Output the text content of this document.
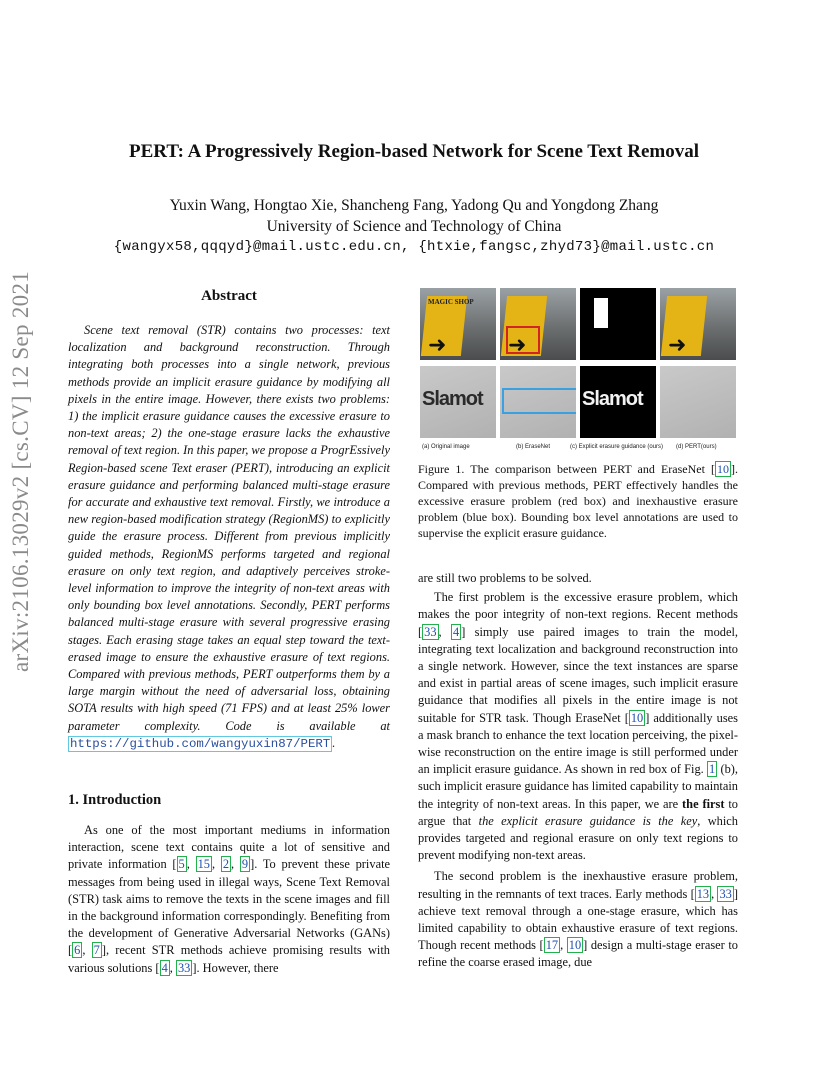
arXiv:2106.13029v2 [cs.CV] 12 Sep 2021
PERT: A Progressively Region-based Network for Scene Text Removal
Yuxin Wang, Hongtao Xie, Shancheng Fang, Yadong Qu and Yongdong Zhang
University of Science and Technology of China
{wangyx58,qqqyd}@mail.ustc.edu.cn, {htxie,fangsc,zhyd73}@mail.ustc.cn
Abstract

Scene text removal (STR) contains two processes: text localization and background reconstruction. Through integrating both processes into a single network, previous methods provide an implicit erasure guidance by modifying all pixels in the entire image. However, there exists two problems: 1) the implicit erasure guidance causes the excessive erasure to non-text areas; 2) the one-stage erasure lacks the exhaustive removal of text region. In this paper, we propose a ProgrEssively Region-based scene Text eraser (PERT), introducing an explicit erasure guidance and performing balanced multi-stage erasure for accurate and exhaustive text removal. Firstly, we introduce a new region-based modification strategy (RegionMS) to explicitly guide the erasure process. Different from previous implicitly guided methods, RegionMS performs targeted and regional erasure on only text region, and adaptively perceives stroke-level information to improve the integrity of non-text areas with only bounding box level annotations. Secondly, PERT performs balanced multi-stage erasure with several progressive erasing stages. Each erasing stage takes an equal step toward the text-erased image to ensure the exhaustive erasure of text regions. Compared with previous methods, PERT outperforms them by a large margin without the need of adversarial loss, obtaining SOTA results with high speed (71 FPS) and at least 25% lower parameter complexity. Code is available at https://github.com/wangyuxin87/PERT .

1. Introduction

As one of the most important mediums in information interaction, scene text contains quite a lot of sensitive and private information [ 5 , 15 , 2 , 9 ]. To prevent these private messages from being used in illegal ways, Scene Text Removal (STR) task aims to remove the texts in the scene images and fill in the background information correspondingly. Benefiting from the development of Generative Adversarial Networks (GANs) [ 6 , 7 ], recent STR methods achieve promising results with various solutions [ 4 , 33 ]. However, there

MAGIC SHOP
➜	➜	➜
Slamot	Slamot
(a) Original image	(b) EraseNet	(c) Explicit erasure guidance (ours) (d) PERT(ours)
Figure 1. The comparison between PERT and EraseNet [ 10 ]. Compared with previous methods, PERT effectively handles the excessive erasure problem (red box) and inexhaustive erasure problem (blue box). Bounding box level annotations are used to supervise the explicit erasure guidance.
are still two problems to be solved.

The first problem is the excessive erasure problem, which makes the poor integrity of non-text regions. Recent methods [ 33 , 4 ] simply use paired images to train the model, integrating text localization and background reconstruction into a single network. However, since the text instances are sparse and exist in partial areas of scene images, such implicit erasure guidance that modifies all pixels in the entire image is not suitable for STR task. Though EraseNet [ 10 ] additionally uses a mask branch to enhance the text location perceiving, the pixel-wise reconstruction on the entire image is still performed under an implicit erasure guidance. As shown in red box of Fig. 1 (b), such implicit erasure guidance has limited capability to maintain the integrity of non-text areas. In this paper, we are the first to argue that the explicit erasure guidance is the key, which provides targeted and regional erasure on only text regions to prevent modifying non-text areas.

The second problem is the inexhaustive erasure problem, resulting in the remnants of text traces. Early methods [ 13 , 33 ] achieve text removal through a one-stage erasure, which has limited capability to obtain exhaustive erasure of text regions. Though recent methods [ 17 , 10 ] design a multi-stage eraser to refine the coarse erased image, due
